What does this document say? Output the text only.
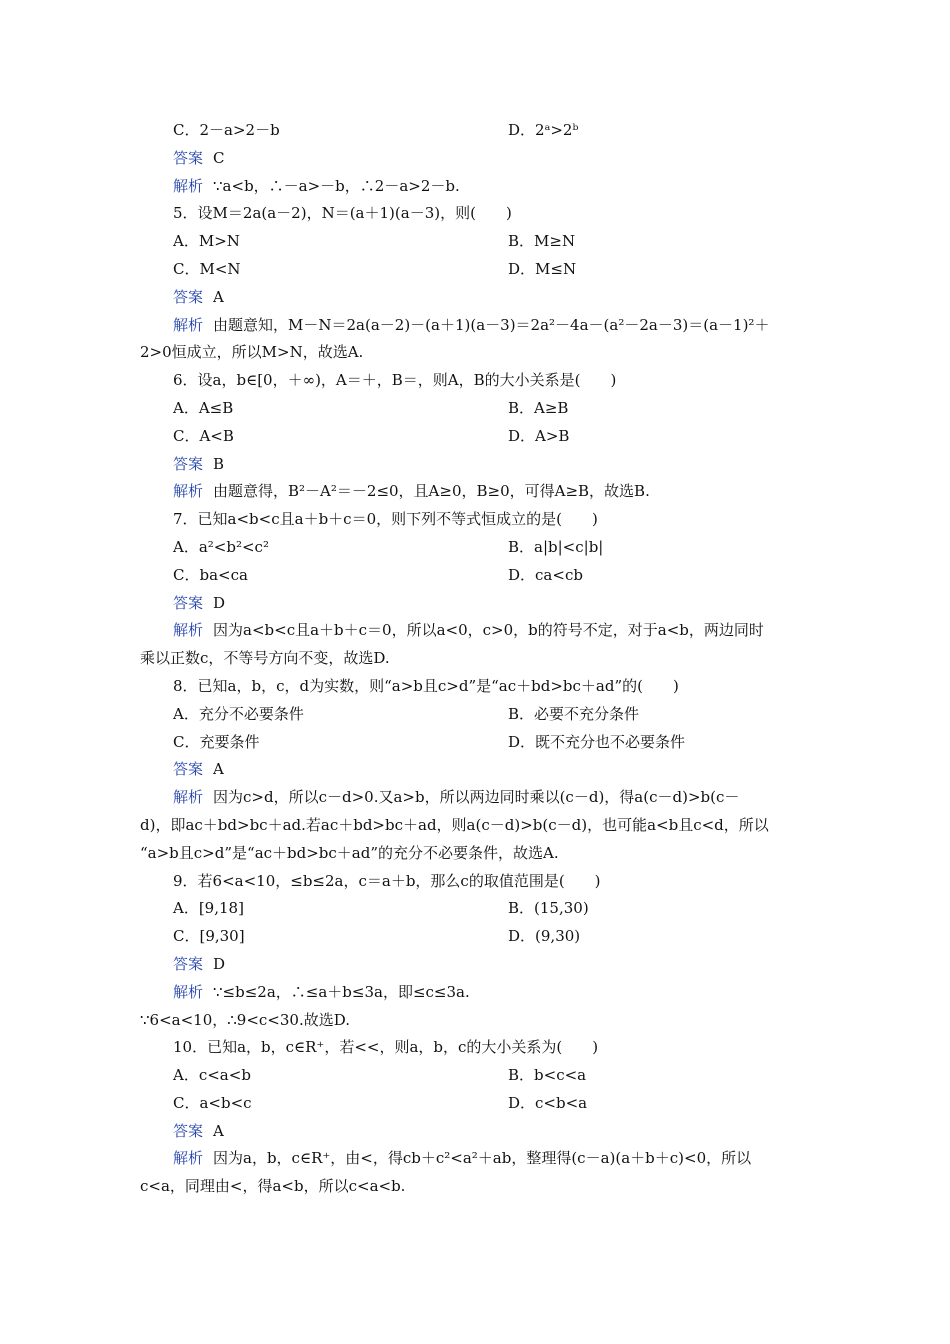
C．2－a>2－b	D．2ᵃ>2ᵇ
答案 C
解析 ∵a<b，∴－a>－b，∴2－a>2－b.
5．设M＝2a(a－2)，N＝(a＋1)(a－3)，则(　　)
A．M>N	B．M≥N
C．M<N	D．M≤N
答案 A
解析 由题意知，M－N＝2a(a－2)－(a＋1)(a－3)＝2a²－4a－(a²－2a－3)＝(a－1)²＋
2>0恒成立，所以M>N，故选A.
6．设a，b∈[0，＋∞)，A＝＋，B＝，则A，B的大小关系是(　　)
A．A≤B	B．A≥B
C．A<B	D．A>B
答案 B
解析 由题意得，B²－A²＝－2≤0，且A≥0，B≥0，可得A≥B，故选B.
7．已知a<b<c且a＋b＋c＝0，则下列不等式恒成立的是(　　)
A．a²<b²<c²	B．a|b|<c|b|
C．ba<ca	D．ca<cb
答案 D
解析 因为a<b<c且a＋b＋c＝0，所以a<0，c>0，b的符号不定，对于a<b，两边同时
乘以正数c，不等号方向不变，故选D.
8．已知a，b，c，d为实数，则“a>b且c>d”是“ac＋bd>bc＋ad”的(　　)
A．充分不必要条件	B．必要不充分条件
C．充要条件	D．既不充分也不必要条件
答案 A
解析 因为c>d，所以c－d>0.又a>b，所以两边同时乘以(c－d)，得a(c－d)>b(c－
d)，即ac＋bd>bc＋ad.若ac＋bd>bc＋ad，则a(c－d)>b(c－d)，也可能a<b且c<d，所以
“a>b且c>d”是“ac＋bd>bc＋ad”的充分不必要条件，故选A.
9．若6<a<10，≤b≤2a，c＝a＋b，那么c的取值范围是(　　)
A．[9,18]	B．(15,30)
C．[9,30]	D．(9,30)
答案 D
解析 ∵≤b≤2a，∴≤a＋b≤3a，即≤c≤3a.
∵6<a<10，∴9<c<30.故选D.
10．已知a，b，c∈R⁺，若<<，则a，b，c的大小关系为(　　)
A．c<a<b	B．b<c<a
C．a<b<c	D．c<b<a
答案 A
解析 因为a，b，c∈R⁺，由<，得cb＋c²<a²＋ab，整理得(c－a)(a＋b＋c)<0，所以
c<a，同理由<，得a<b，所以c<a<b.
